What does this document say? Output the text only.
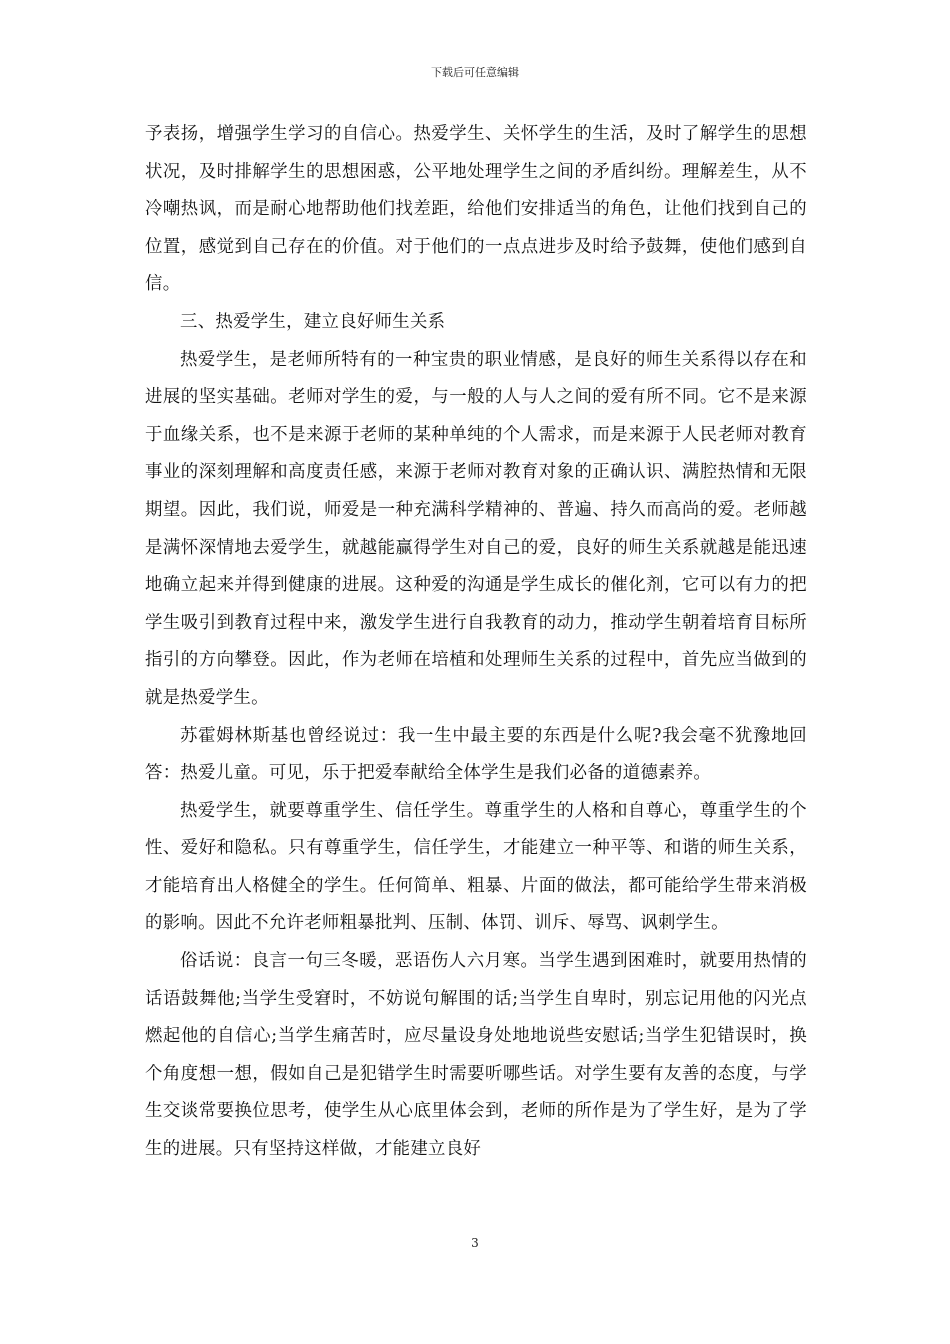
下载后可任意编辑

予表扬，增强学生学习的自信心。热爱学生、关怀学生的生活，及时了解学生的思想状况，及时排解学生的思想困惑，公平地处理学生之间的矛盾纠纷。理解差生，从不冷嘲热讽，而是耐心地帮助他们找差距，给他们安排适当的角色，让他们找到自己的位置，感觉到自己存在的价值。对于他们的一点点进步及时给予鼓舞，使他们感到自信。

三、热爱学生，建立良好师生关系

热爱学生，是老师所特有的一种宝贵的职业情感，是良好的师生关系得以存在和进展的坚实基础。老师对学生的爱，与一般的人与人之间的爱有所不同。它不是来源于血缘关系，也不是来源于老师的某种单纯的个人需求，而是来源于人民老师对教育事业的深刻理解和高度责任感，来源于老师对教育对象的正确认识、满腔热情和无限期望。因此，我们说，师爱是一种充满科学精神的、普遍、持久而高尚的爱。老师越是满怀深情地去爱学生，就越能赢得学生对自己的爱，良好的师生关系就越是能迅速地确立起来并得到健康的进展。这种爱的沟通是学生成长的催化剂，它可以有力的把学生吸引到教育过程中来，激发学生进行自我教育的动力，推动学生朝着培育目标所指引的方向攀登。因此，作为老师在培植和处理师生关系的过程中，首先应当做到的就是热爱学生。

苏霍姆林斯基也曾经说过：我一生中最主要的东西是什么呢?我会毫不犹豫地回答：热爱儿童。可见，乐于把爱奉献给全体学生是我们必备的道德素养。

热爱学生，就要尊重学生、信任学生。尊重学生的人格和自尊心，尊重学生的个性、爱好和隐私。只有尊重学生，信任学生，才能建立一种平等、和谐的师生关系，才能培育出人格健全的学生。任何简单、粗暴、片面的做法，都可能给学生带来消极的影响。因此不允许老师粗暴批判、压制、体罚、训斥、辱骂、讽刺学生。

俗话说：良言一句三冬暖，恶语伤人六月寒。当学生遇到困难时，就要用热情的话语鼓舞他;当学生受窘时，不妨说句解围的话;当学生自卑时，别忘记用他的闪光点燃起他的自信心;当学生痛苦时，应尽量设身处地地说些安慰话;当学生犯错误时，换个角度想一想，假如自己是犯错学生时需要听哪些话。对学生要有友善的态度，与学生交谈常要换位思考，使学生从心底里体会到，老师的所作是为了学生好，是为了学生的进展。只有坚持这样做，才能建立良好

3
